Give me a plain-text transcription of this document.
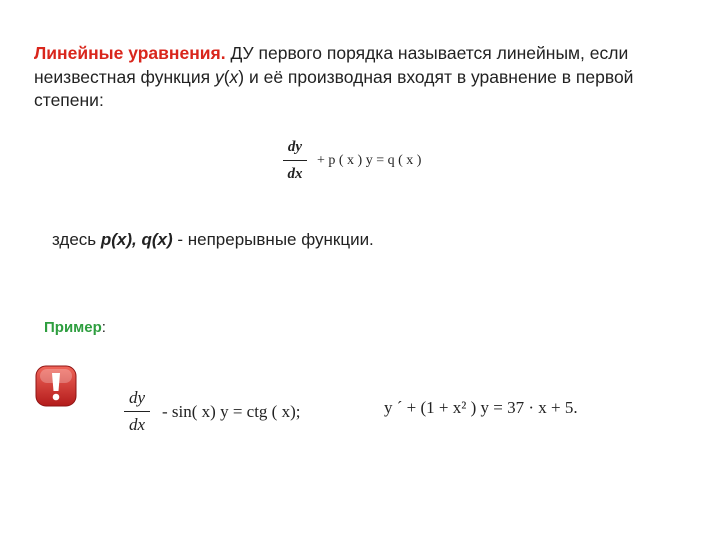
Линейные уравнения. ДУ первого порядка называется линейным, если неизвестная функция y(x) и её производная входят в уравнение в первой степени:
$\frac{dy}{dx} + p$ ( x ) y = q ( x )
здесь p(x), q(x) - непрерывные функции.
Пример:
$\frac{dy}{dx} - \sin$( x) y = ctg ( x);	y ´ + (1 + x² ) y = 37 · x + 5.
